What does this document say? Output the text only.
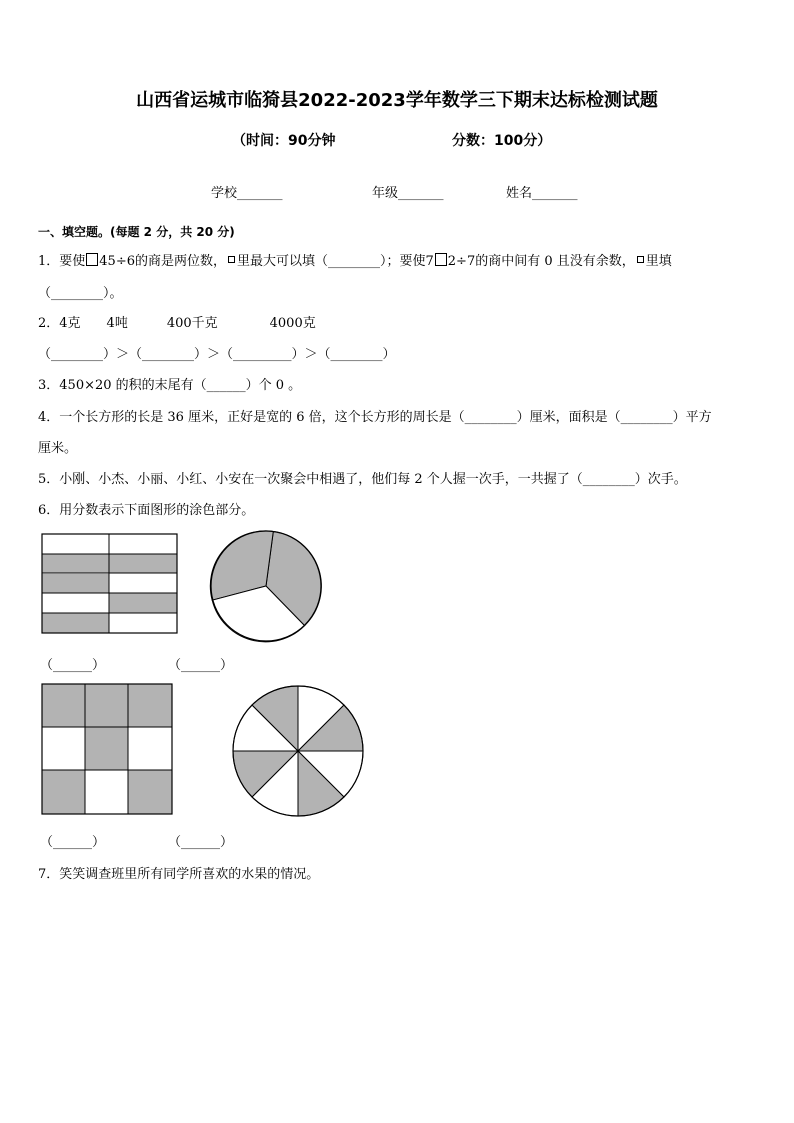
山西省运城市临猗县2022-2023学年数学三下期末达标检测试题
（时间：90分钟	分数：100分）
学校_______	年级_______	姓名_______
一、填空题。(每题 2 分，共 20 分)
1．要使 45÷6的商是两位数， 里最大可以填（________）；要使7 2÷7的商中间有 0 且没有余数， 里填
（________）。
2．4克　　4吨　　　400千克　　　　4000克
（________）＞（________）＞（_________）＞（________）
3．450×20 的积的末尾有（______）个 0 。
4．一个长方形的长是 36 厘米，正好是宽的 6 倍，这个长方形的周长是（________）厘米，面积是（________）平方
厘米。
5．小刚、小杰、小丽、小红、小安在一次聚会中相遇了，他们每 2 个人握一次手，一共握了（________）次手。
6．用分数表示下面图形的涂色部分。
（______）	（______）
（______）	（______）
7．笑笑调查班里所有同学所喜欢的水果的情况。
